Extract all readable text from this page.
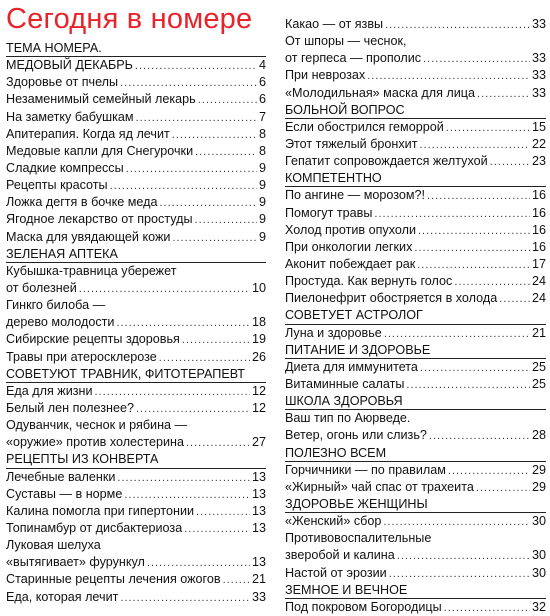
Сегодня в номере
ТЕМА НОМЕРА.
МЕДОВЫЙ ДЕКАБРЬ .....	4
Здоровье от пчелы .....	6
Незаменимый семейный лекарь .....	6
На заметку бабушкам .....	7
Апитерапия. Когда яд лечит .....	8
Медовые капли для Снегурочки .....	8
Сладкие компрессы .....	9
Рецепты красоты .....	9
Ложка дегтя в бочке меда .....	9
Ягодное лекарство от простуды .....	9
Маска для увядающей кожи .....	9
ЗЕЛЕНАЯ АПТЕКА
Кубышка-травница убережет
от болезней .....	10
Гинкго билоба —
дерево молодости .....	18
Сибирские рецепты здоровья .....	19
Травы при атеросклерозе .....	26
СОВЕТУЮТ ТРАВНИК, ФИТОТЕРАПЕВТ
Еда для жизни .....	12
Белый лен полезнее? .....	12
Одуванчик, чеснок и рябина —
«оружие» против холестерина .....	27
РЕЦЕПТЫ ИЗ КОНВЕРТА
Лечебные валенки .....	13
Суставы — в норме .....	13
Калина помогла при гипертонии .....	13
Топинамбур от дисбактериоза .....	13
Луковая шелуха
«вытягивает» фурункул .....	13
Старинные рецепты лечения ожогов ..... 21
Еда, которая лечит .....	33
Какао — от язвы .....	33
От шпоры — чеснок,
от герпеса — прополис .....	33
При неврозах .....	33
«Молодильная» маска для лица .....	33
БОЛЬНОЙ ВОПРОС
Если обострился геморрой .....	15
Этот тяжелый бронхит .....	22
Гепатит сопровождается желтухой .....	23
КОМПЕТЕНТНО
По ангине — морозом?! .....	16
Помогут травы .....	16
Холод против опухоли .....	16
При онкологии легких .....	16
Аконит побеждает рак .....	17
Простуда. Как вернуть голос .....	24
Пиелонефрит обостряется в холода .....	24
СОВЕТУЕТ АСТРОЛОГ
Луна и здоровье .....	21
ПИТАНИЕ И ЗДОРОВЬЕ
Диета для иммунитета .....	25
Витаминные салаты .....	25
ШКОЛА ЗДОРОВЬЯ
Ваш тип по Аюрведе.
Ветер, огонь или слизь? .....	28
ПОЛЕЗНО ВСЕМ
Горчичники — по правилам .....	29
«Жирный» чай спас от трахеита .....	29
ЗДОРОВЬЕ ЖЕНЩИНЫ
«Женский» сбор .....	30
Противовоспалительные
зверобой и калина .....	30
Настой от эрозии .....	30
ЗЕМНОЕ И ВЕЧНОЕ
Под покровом Богородицы .....	32
